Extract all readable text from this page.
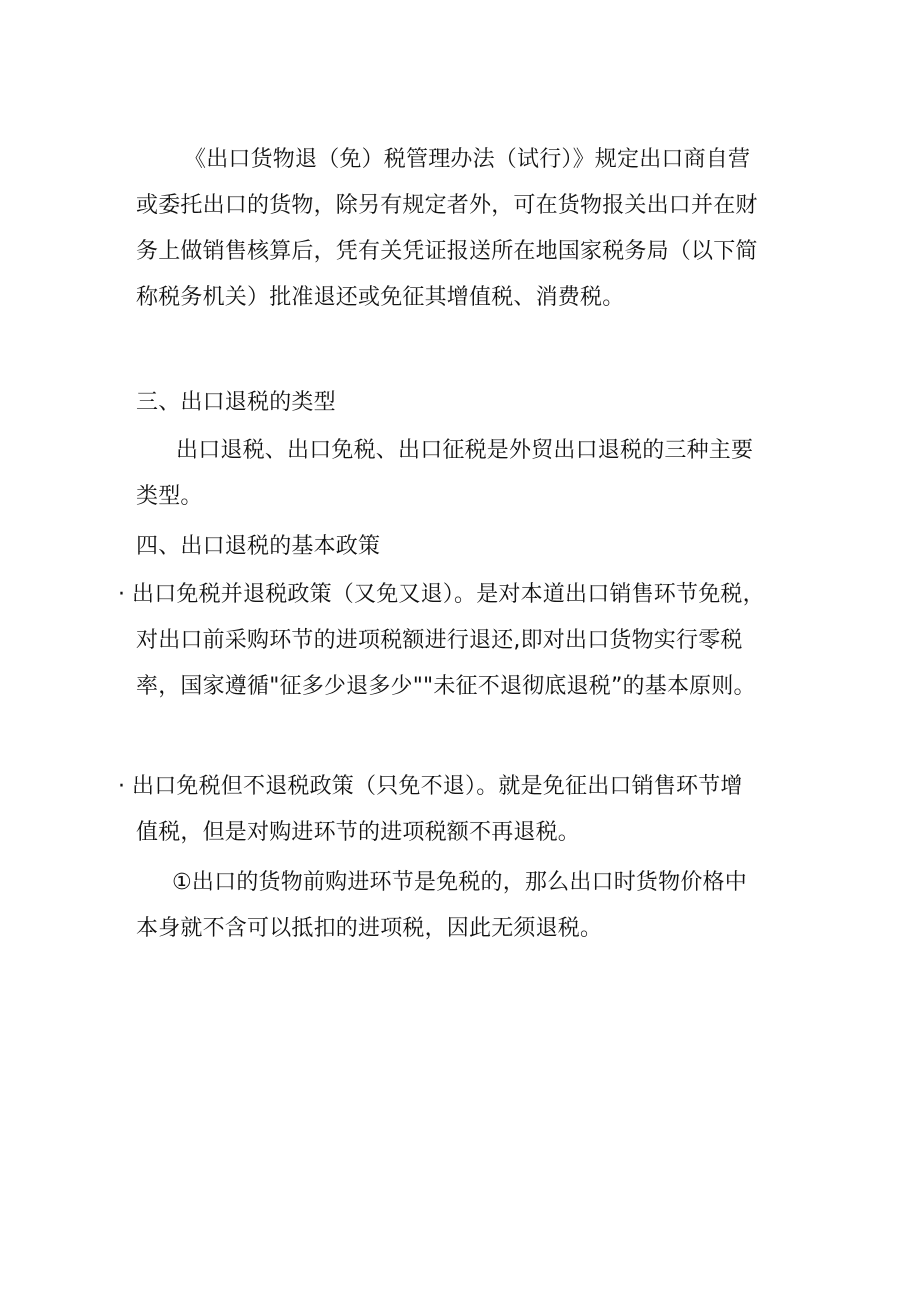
《出口货物退（免）税管理办法（试行）》规定出口商自营
或委托出口的货物，除另有规定者外，可在货物报关出口并在财
务上做销售核算后，凭有关凭证报送所在地国家税务局（以下简
称税务机关）批准退还或免征其增值税、消费税。
三、出口退税的类型
出口退税、出口免税、出口征税是外贸出口退税的三种主要
类型。
四、出口退税的基本政策
· 出口免税并退税政策（又免又退）。是对本道出口销售环节免税，
对出口前采购环节的进项税额进行退还,即对出口货物实行零税
率，国家遵循"征多少退多少""未征不退彻底退税”的基本原则。
· 出口免税但不退税政策（只免不退）。就是免征出口销售环节增
值税，但是对购进环节的进项税额不再退税。
①出口的货物前购进环节是免税的，那么出口时货物价格中
本身就不含可以抵扣的进项税，因此无须退税。
